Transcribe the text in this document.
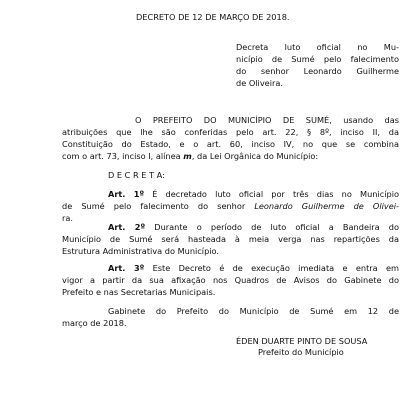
DECRETO DE 12 DE MARÇO DE 2018.
Decreta luto oficial no Mu-
nicípio de Sumé pelo falecimento
do senhor Leonardo Guilherme
de Oliveira.
O PREFEITO DO MUNICÍPIO DE SUMÉ, usando das
atribuições que lhe são conferidas pelo art. 22, § 8º, inciso II, da
Constituição do Estado, e o art. 60, inciso IV, no que se combina
com o art. 73, inciso I, alínea m, da Lei Orgânica do Município:
D E C R E T A:
Art. 1º É decretado luto oficial por três dias no Município
de Sumé pelo falecimento do senhor Leonardo Guilherme de Olivei-
ra.
Art. 2º Durante o período de luto oficial a Bandeira do
Município de Sumé será hasteada à meia verga nas repartições da
Estrutura Administrativa do Município.
Art. 3º Este Decreto é de execução imediata e entra em
vigor a partir da sua afixação nos Quadros de Avisos do Gabinete do
Prefeito e nas Secretarias Municipais.
Gabinete do Prefeito do Município de Sumé em 12 de
março de 2018.
ÉDEN DUARTE PINTO DE SOUSA
Prefeito do Município
